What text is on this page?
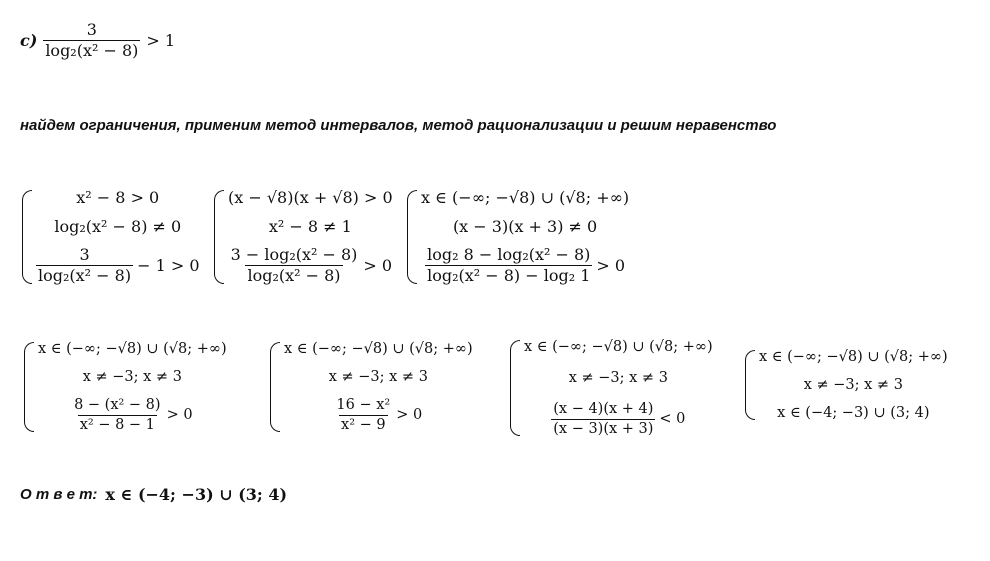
$c) \frac{3}{\text{log₂(x² − 8)}} > 1$
найдем ограничения, применим метод интервалов, метод рационализации и решим неравенство
x² − 8 > 0
log₂(x² − 8) ≠ 0
$\frac{3}{\text{log₂(x² − 8)}} - 1 > 0$
(x − √8)(x + √8) > 0
x² − 8 ≠ 1
$\frac{\text{3 − log₂(x² − 8)}}{\text{log₂(x² − 8)}} > 0$
x ∈ (−∞; −√8) ∪ (√8; +∞)
(x − 3)(x + 3) ≠ 0
$\frac{\text{log₂ 8 − log₂(x² − 8)}}{\text{log₂(x² − 8) − log₂ 1}} > 0$
x ∈ (−∞; −√8) ∪ (√8; +∞)
x ≠ −3; x ≠ 3
$\frac{\text{8 − (x² − 8)}}{\text{x² − 8 − 1}} > 0$
x ∈ (−∞; −√8) ∪ (√8; +∞)
x ≠ −3; x ≠ 3
$\frac{\text{16 − x²}}{\text{x² − 9}} > 0$
x ∈ (−∞; −√8) ∪ (√8; +∞)
x ≠ −3; x ≠ 3
$\frac{(x - 4)(x + 4)}{(x - 3)(x + 3)} < 0$
x ∈ (−∞; −√8) ∪ (√8; +∞)
x ≠ −3; x ≠ 3
x ∈ (−4; −3) ∪ (3; 4)
О т в е т: x ∈ (−4; −3) ∪ (3; 4)
